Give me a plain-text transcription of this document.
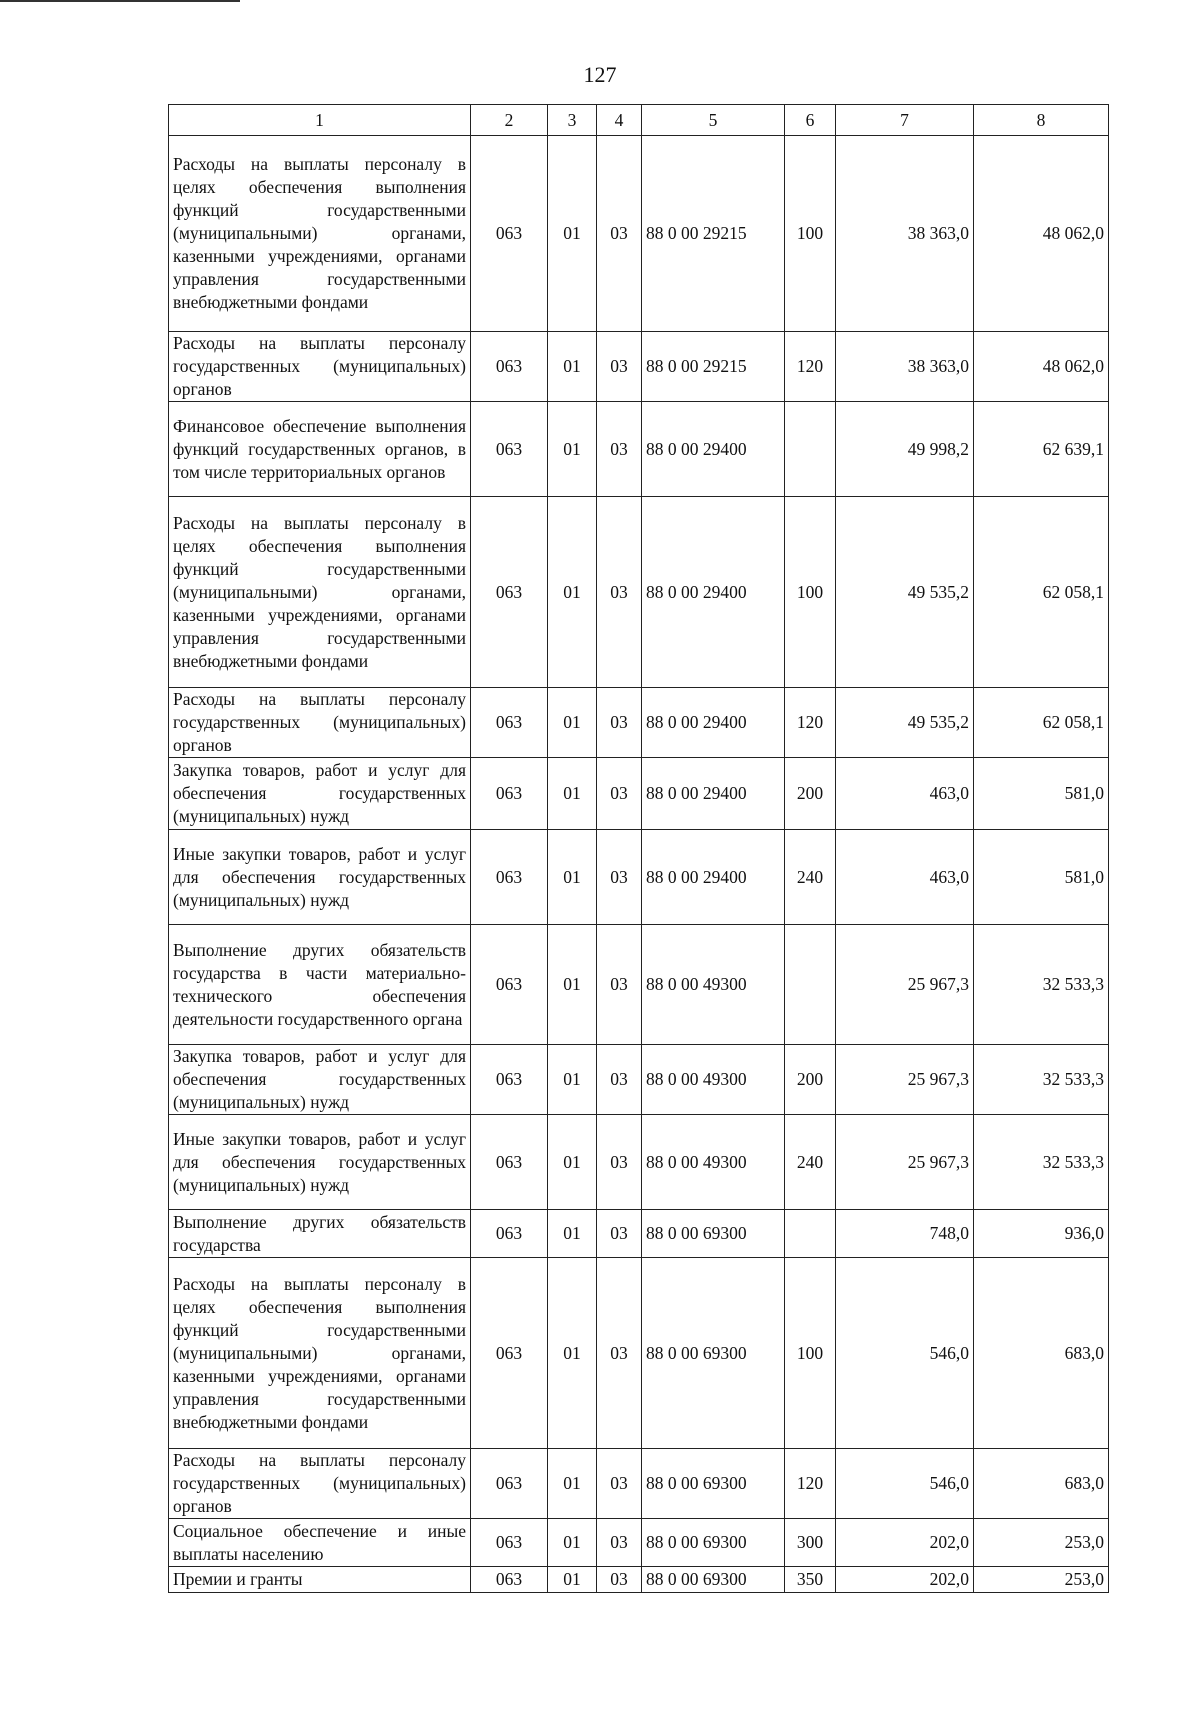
127
1	2	3	4	5	6	7	8
Расходы на выплаты персоналу в целях обеспечения выполнения функций государственными (муниципальными) органами, казенными учреждениями, органами управления государственными внебюджетными фондами	063	01	03	88 0 00 29215	100	38 363,0	48 062,0
Расходы на выплаты персоналу государственных (муниципальных) органов	063	01	03	88 0 00 29215	120	38 363,0	48 062,0
Финансовое обеспечение выполнения функций государственных органов, в том числе территориальных органов	063	01	03	88 0 00 29400		49 998,2	62 639,1
Расходы на выплаты персоналу в целях обеспечения выполнения функций государственными (муниципальными) органами, казенными учреждениями, органами управления государственными внебюджетными фондами	063	01	03	88 0 00 29400	100	49 535,2	62 058,1
Расходы на выплаты персоналу государственных (муниципальных) органов	063	01	03	88 0 00 29400	120	49 535,2	62 058,1
Закупка товаров, работ и услуг для обеспечения государственных (муниципальных) нужд	063	01	03	88 0 00 29400	200	463,0	581,0
Иные закупки товаров, работ и услуг для обеспечения государственных (муниципальных) нужд	063	01	03	88 0 00 29400	240	463,0	581,0
Выполнение других обязательств государства в части материально-технического обеспечения деятельности государственного органа	063	01	03	88 0 00 49300		25 967,3	32 533,3
Закупка товаров, работ и услуг для обеспечения государственных (муниципальных) нужд	063	01	03	88 0 00 49300	200	25 967,3	32 533,3
Иные закупки товаров, работ и услуг для обеспечения государственных (муниципальных) нужд	063	01	03	88 0 00 49300	240	25 967,3	32 533,3
Выполнение других обязательств государства	063	01	03	88 0 00 69300		748,0	936,0
Расходы на выплаты персоналу в целях обеспечения выполнения функций государственными (муниципальными) органами, казенными учреждениями, органами управления государственными внебюджетными фондами	063	01	03	88 0 00 69300	100	546,0	683,0
Расходы на выплаты персоналу государственных (муниципальных) органов	063	01	03	88 0 00 69300	120	546,0	683,0
Социальное обеспечение и иные выплаты населению	063	01	03	88 0 00 69300	300	202,0	253,0
Премии и гранты	063	01	03	88 0 00 69300	350	202,0	253,0
